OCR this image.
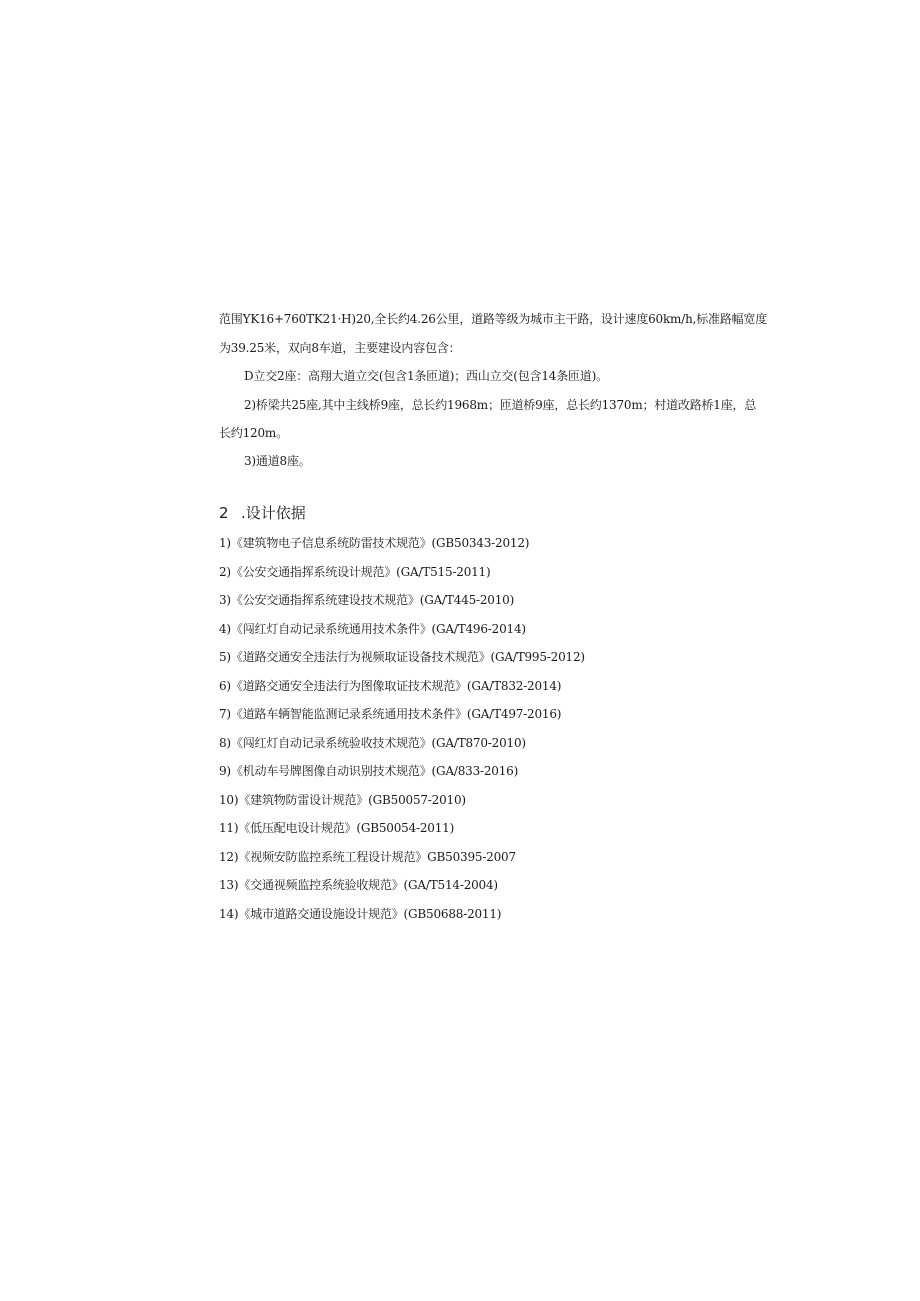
范围YK16+760TK21·H)20,全长约4.26公里，道路等级为城市主干路，设计速度60km/h,标准路幅宽度
为39.25米，双向8车道，主要建设内容包含：
D立交2座：高翔大道立交(包含1条匝道)；西山立交(包含14条匝道)。
2)桥梁共25座,其中主线桥9座，总长约1968m；匝道桥9座，总长约1370m；村道改路桥1座，总
长约120m。
3)通道8座。
2 .设计依据
1)《建筑物电子信息系统防雷技术规范》(GB50343-2012)
2)《公安交通指挥系统设计规范》(GA/T515-2011)
3)《公安交通指挥系统建设技术规范》(GA/T445-2010)
4)《闯红灯自动记录系统通用技术条件》(GA/T496-2014)
5)《道路交通安全违法行为视频取证设备技术规范》(GA/T995-2012)
6)《道路交通安全违法行为图像取证技术规范》(GA/T832-2014)
7)《道路车辆智能监测记录系统通用技术条件》(GA/T497-2016)
8)《闯红灯自动记录系统验收技术规范》(GA/T870-2010)
9)《机动车号牌图像自动识别技术规范》(GA/833-2016)
10)《建筑物防雷设计规范》(GB50057-2010)
11)《低压配电设计规范》(GB50054-2011)
12)《视频安防监控系统工程设计规范》GB50395-2007
13)《交通视频监控系统验收规范》(GA/T514-2004)
14)《城市道路交通设施设计规范》(GB50688-2011)
